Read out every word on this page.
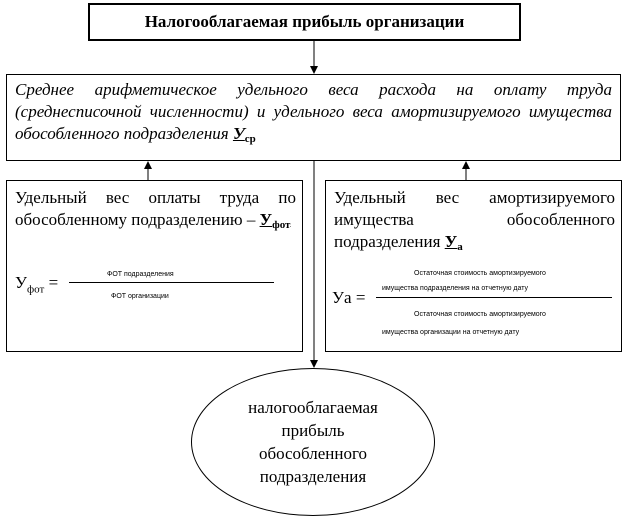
Налогооблагаемая прибыль организации
Среднее арифметическое удельного веса расхода на оплату труда (среднесписочной численности) и удельного веса амортизируемого имущества обособленного подразделения Уср
Удельный вес оплаты труда по обособленному подразделению – Уфот
ФОТ подразделения
$У_{фот}$ =
ФОТ организации
Удельный вес амортизируемого имущества обособленного подразделения Уа
Остаточная стоимость амортизируемого
имущества подразделения на отчетную дату
Уа =
Остаточная стоимость амортизируемого
имущества организации на отчетную дату
налогооблагаемая
прибыль
обособленного
подразделения
